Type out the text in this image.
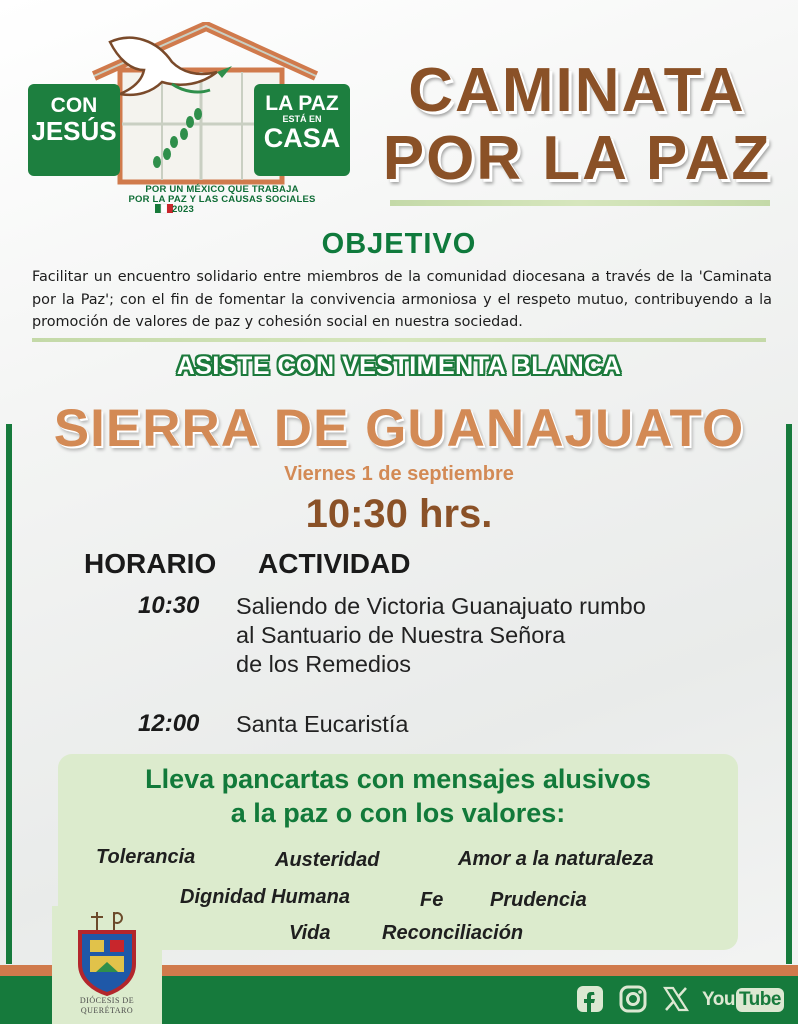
CON
JESÚS
LA PAZ
ESTÁ EN
CASA
POR UN MÉXICO QUE TRABAJA
POR LA PAZ Y LAS CAUSAS SOCIALES
2023
CAMINATA
POR LA PAZ
OBJETIVO
Facilitar un encuentro solidario entre miembros de la comunidad diocesana a través de la 'Caminata por la Paz'; con el fin de fomentar la convivencia armoniosa y el respeto mutuo, contribuyendo a la promoción de valores de paz y cohesión social en nuestra sociedad.
ASISTE CON VESTIMENTA BLANCA
SIERRA DE GUANAJUATO
Viernes 1 de septiembre
10:30 hrs.
HORARIO ACTIVIDAD
10:30 Saliendo de Victoria Guanajuato rumbo
al Santuario de Nuestra Señora
de los Remedios
12:00 Santa Eucaristía
Lleva pancartas con mensajes alusivos
a la paz o con los valores:
Tolerancia	Austeridad	Amor a la naturaleza
Dignidad Humana	Fe Prudencia
Vida	Reconciliación
DIÓCESIS DE
QUERÉTARO
You Tube
